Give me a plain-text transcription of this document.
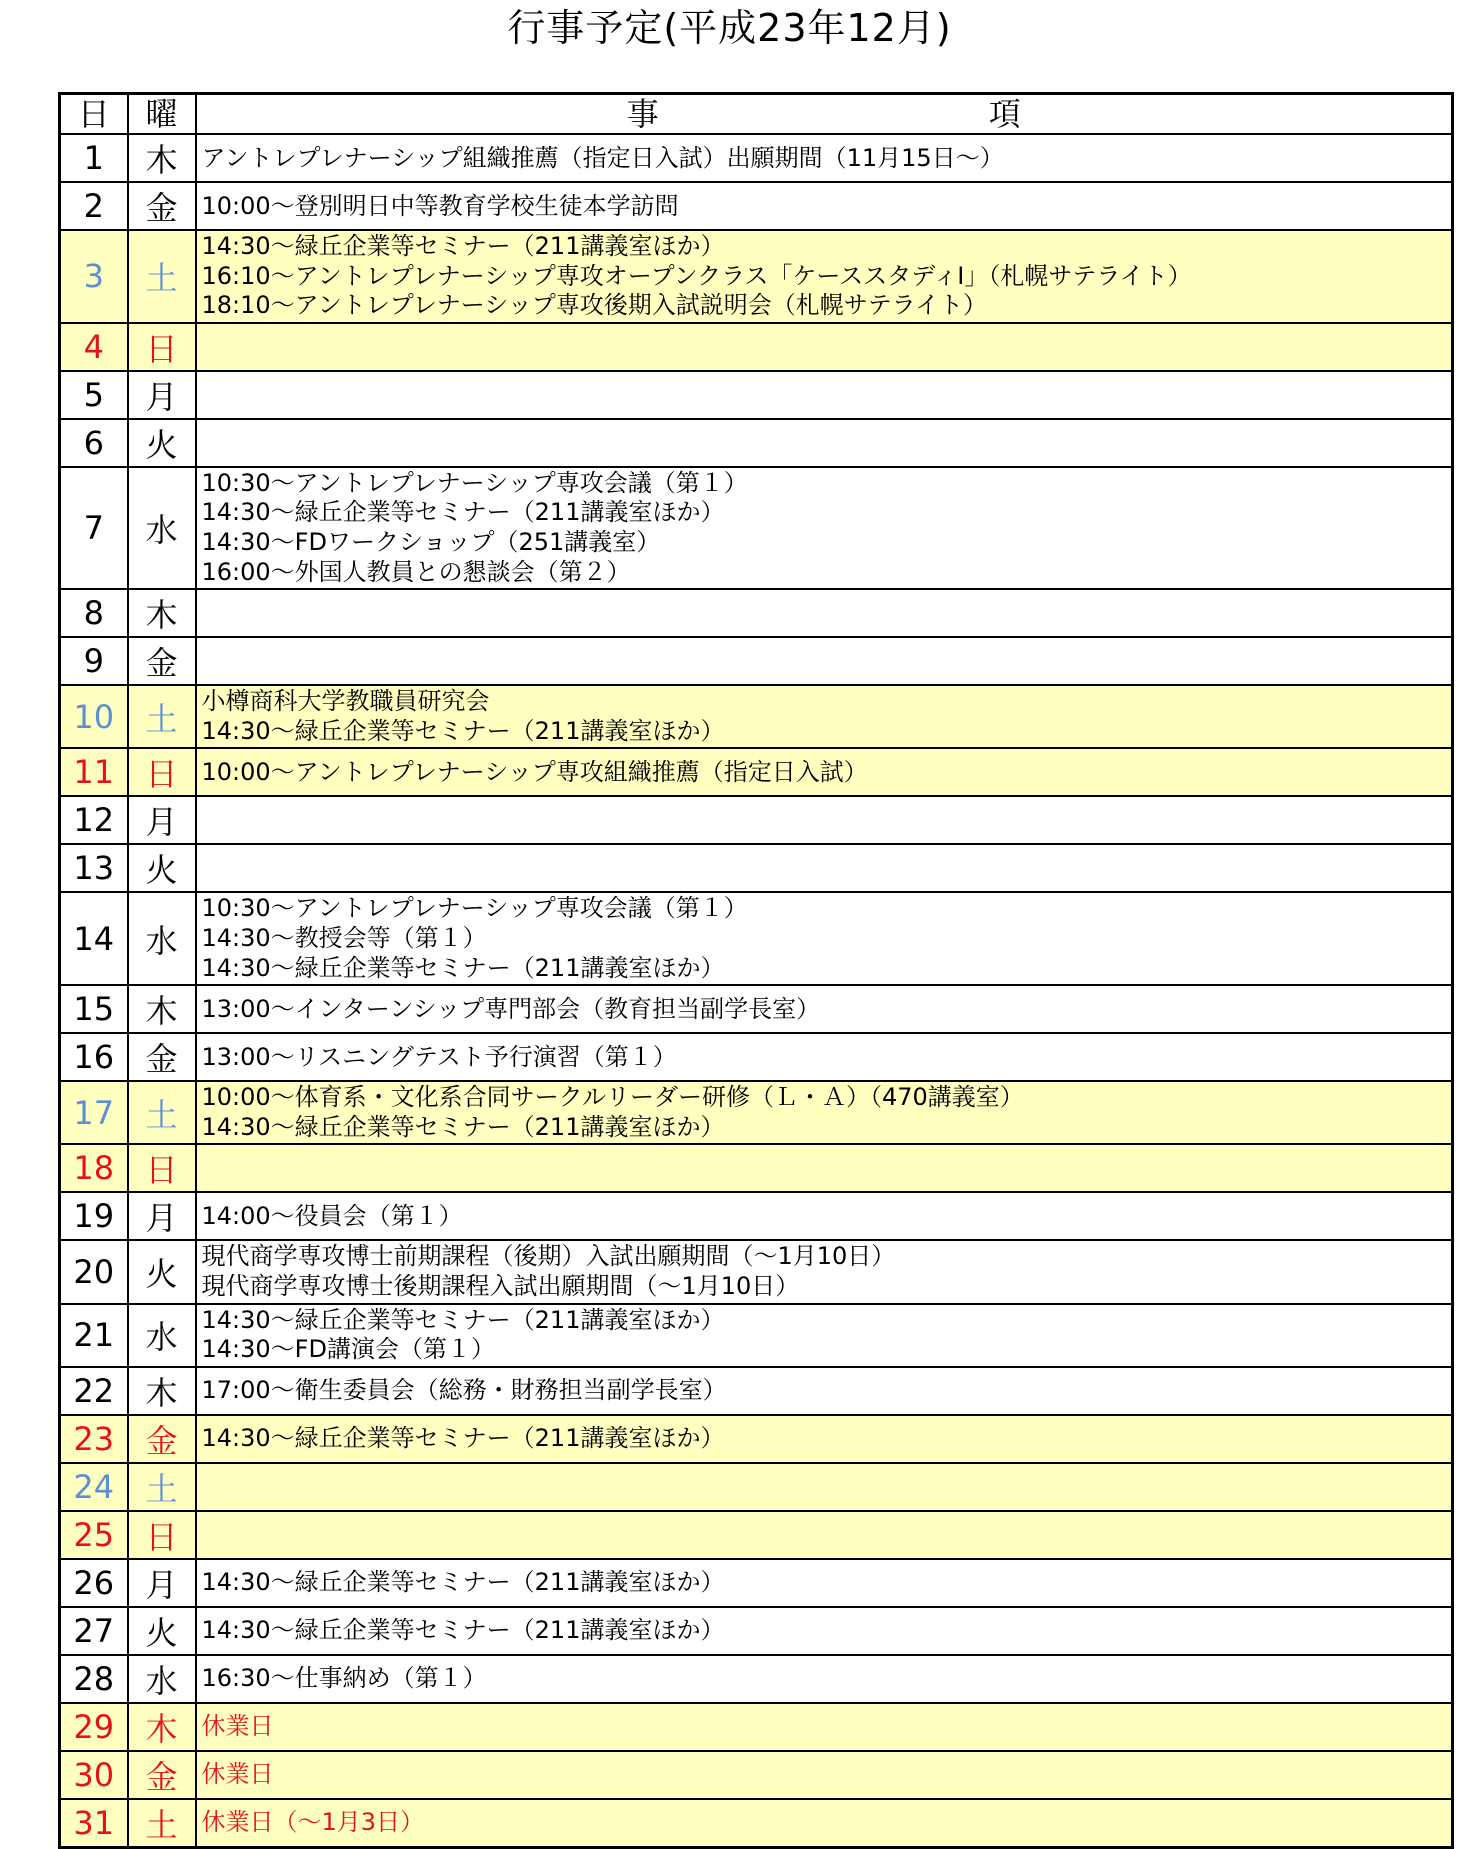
行事予定(平成23年12月)
日	曜	事 項
1	木	アントレプレナーシップ組織推薦（指定日入試）出願期間（11月15日～）

2	金	10:00～登別明日中等教育学校生徒本学訪問

3	土	14:30～緑丘企業等セミナー（211講義室ほか）
16:10～アントレプレナーシップ専攻オープンクラス「ケーススタディⅠ」（札幌サテライト）
18:10～アントレプレナーシップ専攻後期入試説明会（札幌サテライト）

4	日	
5	月	
6	火	
7	水	10:30～アントレプレナーシップ専攻会議（第１）
14:30～緑丘企業等セミナー（211講義室ほか）
14:30～FDワークショップ（251講義室）
16:00～外国人教員との懇談会（第２）

8	木	
9	金	
10	土	小樽商科大学教職員研究会
14:30～緑丘企業等セミナー（211講義室ほか）

11	日	10:00～アントレプレナーシップ専攻組織推薦（指定日入試）

12	月	
13	火	
14	水	10:30～アントレプレナーシップ専攻会議（第１）
14:30～教授会等（第１）
14:30～緑丘企業等セミナー（211講義室ほか）

15	木	13:00～インターンシップ専門部会（教育担当副学長室）

16	金	13:00～リスニングテスト予行演習（第１）

17	土	10:00～体育系・文化系合同サークルリーダー研修（Ｌ・Ａ）（470講義室）
14:30～緑丘企業等セミナー（211講義室ほか）

18	日	
19	月	14:00～役員会（第１）

20	火	現代商学専攻博士前期課程（後期）入試出願期間（～1月10日）
現代商学専攻博士後期課程入試出願期間（～1月10日）

21	水	14:30～緑丘企業等セミナー（211講義室ほか）
14:30～FD講演会（第１）

22	木	17:00～衛生委員会（総務・財務担当副学長室）

23	金	14:30～緑丘企業等セミナー（211講義室ほか）

24	土	
25	日	
26	月	14:30～緑丘企業等セミナー（211講義室ほか）

27	火	14:30～緑丘企業等セミナー（211講義室ほか）

28	水	16:30～仕事納め（第１）

29	木	休業日

30	金	休業日

31	土	休業日（～1月3日）
